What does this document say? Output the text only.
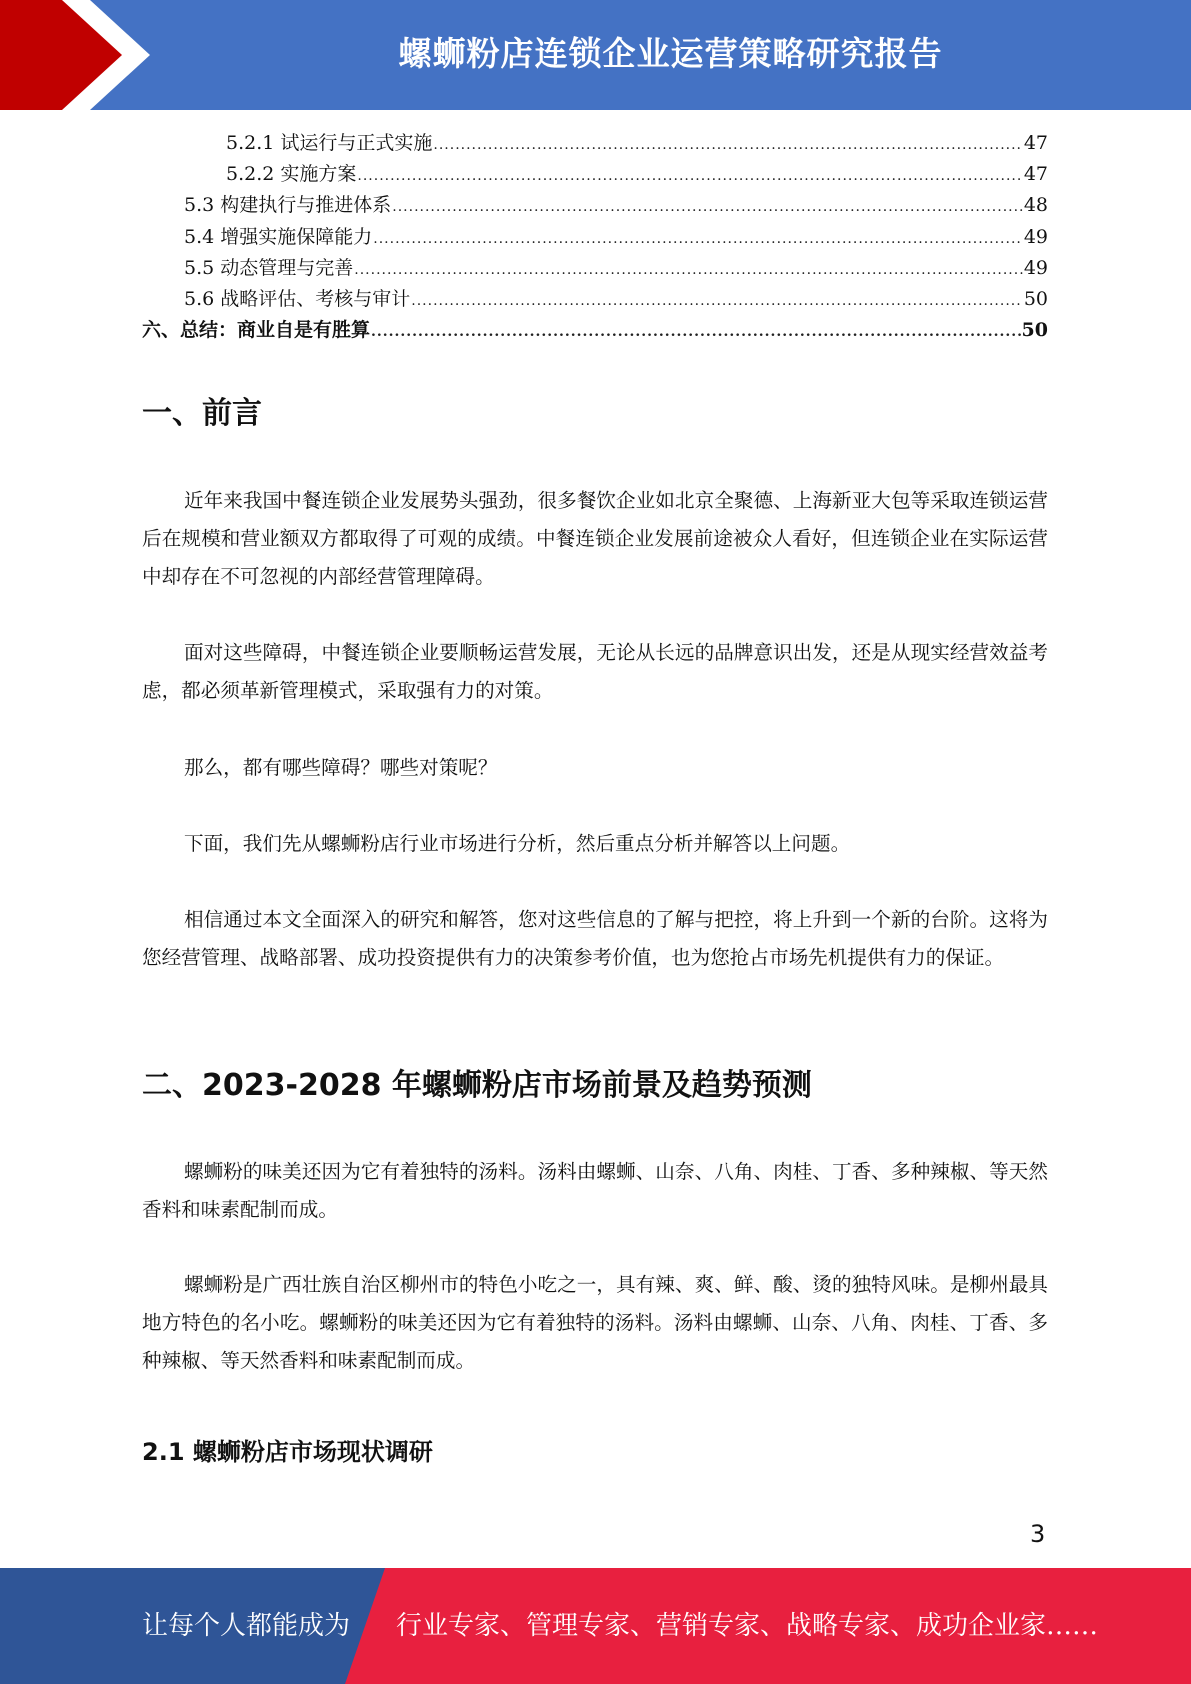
螺蛳粉店连锁企业运营策略研究报告
5.2.1 试运行与正式实施 .....	47
5.2.2 实施方案 .....	47
5.3 构建执行与推进体系 .....	48
5.4 增强实施保障能力 .....	49
5.5 动态管理与完善 .....	49
5.6 战略评估、考核与审计 .....	50
六、总结：商业自是有胜算 .....	50
一、前言

近年来我国中餐连锁企业发展势头强劲，很多餐饮企业如北京全聚德、上海新亚大包等采取连锁运营后在规模和营业额双方都取得了可观的成绩。中餐连锁企业发展前途被众人看好，但连锁企业在实际运营中却存在不可忽视的内部经营管理障碍。

面对这些障碍，中餐连锁企业要顺畅运营发展，无论从长远的品牌意识出发，还是从现实经营效益考虑，都必须革新管理模式，采取强有力的对策。

那么，都有哪些障碍？哪些对策呢？

下面，我们先从螺蛳粉店行业市场进行分析，然后重点分析并解答以上问题。

相信通过本文全面深入的研究和解答，您对这些信息的了解与把控，将上升到一个新的台阶。这将为您经营管理、战略部署、成功投资提供有力的决策参考价值，也为您抢占市场先机提供有力的保证。

二、2023-2028 年螺蛳粉店市场前景及趋势预测

螺蛳粉的味美还因为它有着独特的汤料。汤料由螺蛳、山奈、八角、肉桂、丁香、多种辣椒、等天然香料和味素配制而成。

螺蛳粉是广西壮族自治区柳州市的特色小吃之一，具有辣、爽、鲜、酸、烫的独特风味。是柳州最具地方特色的名小吃。螺蛳粉的味美还因为它有着独特的汤料。汤料由螺蛳、山奈、八角、肉桂、丁香、多种辣椒、等天然香料和味素配制而成。

2.1 螺蛳粉店市场现状调研
3
让每个人都能成为 行业专家、管理专家、营销专家、战略专家、成功企业家……
